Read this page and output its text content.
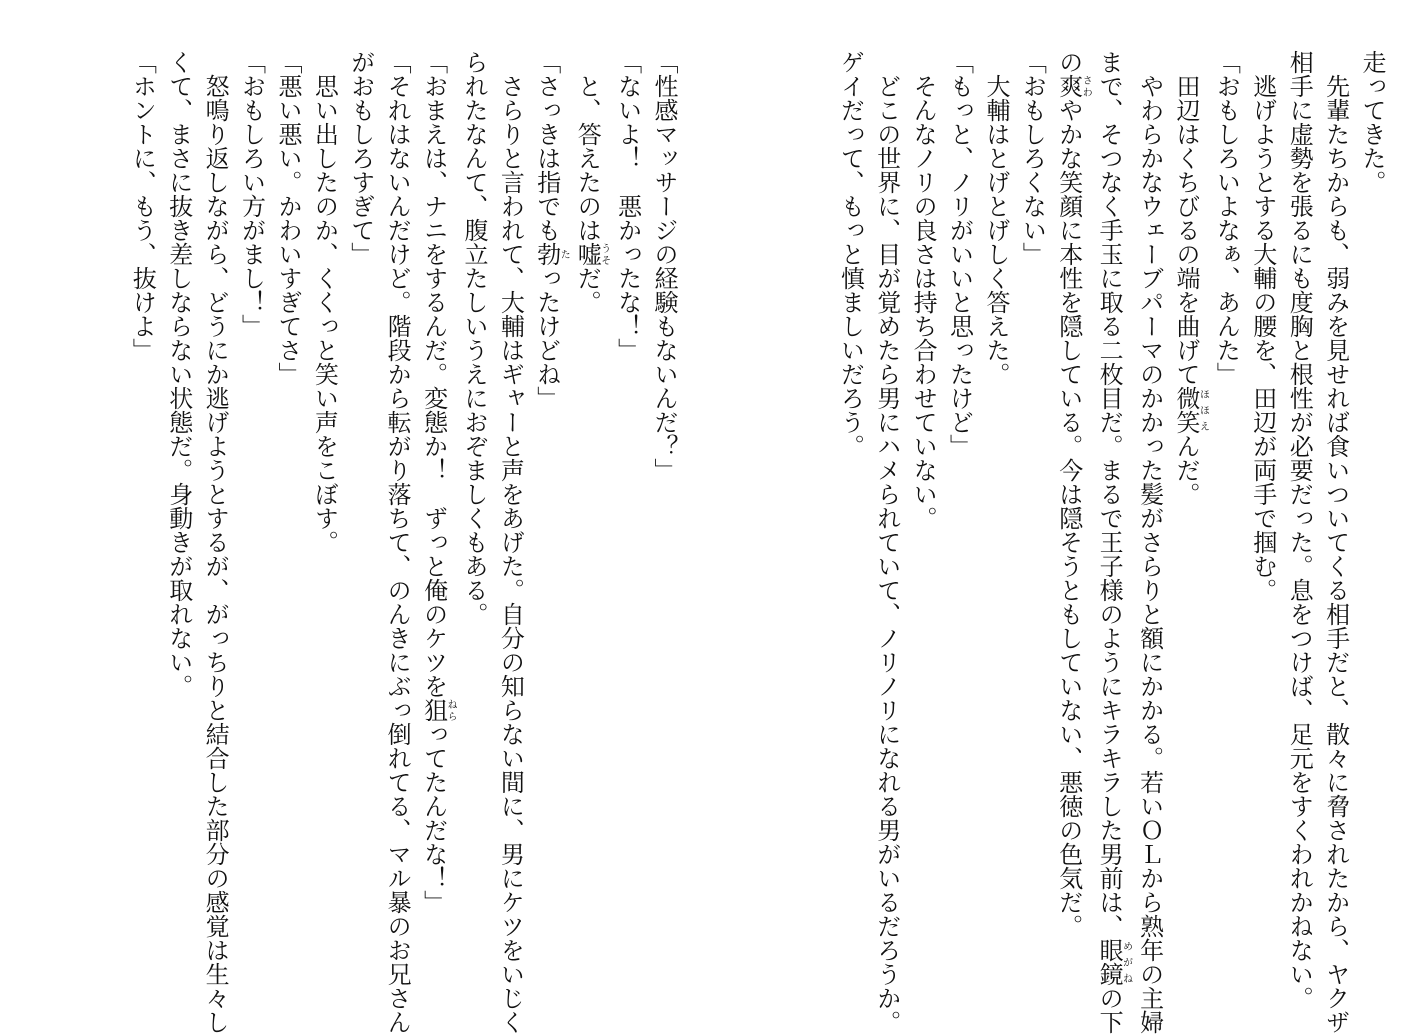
走ってきた。
　先輩たちからも、弱みを見せれば食いついてくる相手だと、散々に脅されたから、ヤクザ
相手に虚勢を張るにも度胸と根性が必要だった。息をつけば、足元をすくわれかねない。
　逃げようとする大輔の腰を、田辺が両手で掴む。
「おもしろいよなぁ、あんた」
　田辺はくちびるの端を曲げて微笑ほほえんだ。
　やわらかなウェーブパーマのかかった髪がさらりと額にかかる。若いＯＬから熟年の主婦
まで、そつなく手玉に取る二枚目だ。まるで王子様のようにキラキラした男前は、眼鏡めがねの下
の爽さわやかな笑顔に本性を隠している。今は隠そうともしていない、悪徳の色気だ。
「おもしろくない」
　大輔はとげとげしく答えた。
「もっと、ノリがいいと思ったけど」
　そんなノリの良さは持ち合わせていない。
　どこの世界に、目が覚めたら男にハメられていて、ノリノリになれる男がいるだろうか。
ゲイだって、もっと慎ましいだろう。
「性感マッサージの経験もないんだ？」
「ないよ！　悪かったな！」
　と、答えたのは嘘うそだ。
「さっきは指でも勃たったけどね」
　さらりと言われて、大輔はギャーと声をあげた。自分の知らない間に、男にケツをいじく
られたなんて、腹立たしいうえにおぞましくもある。
「おまえは、ナニをするんだ。変態か！　ずっと俺のケツを狙ねらってたんだな！」
「それはないんだけど。階段から転がり落ちて、のんきにぶっ倒れてる、マル暴のお兄さん
がおもしろすぎて」
　思い出したのか、くくっと笑い声をこぼす。
「悪い悪い。かわいすぎてさ」
「おもしろい方がまし！」
　怒鳴り返しながら、どうにか逃げようとするが、がっちりと結合した部分の感覚は生々し
くて、まさに抜き差しならない状態だ。身動きが取れない。
「ホントに、もう、抜けよ」
